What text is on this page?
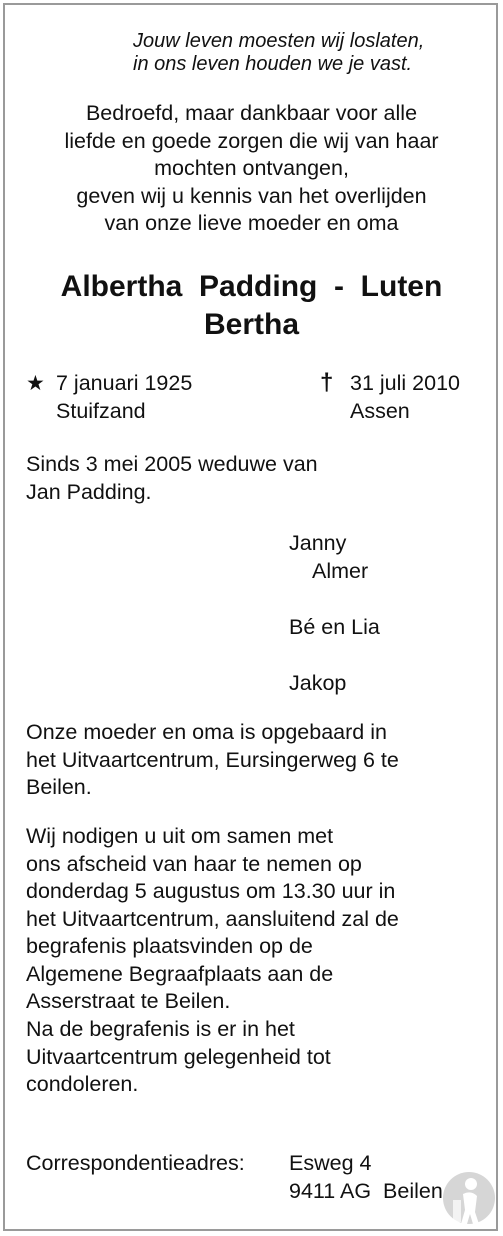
Jouw leven moesten wij loslaten,
in ons leven houden we je vast.
Bedroefd, maar dankbaar voor alle
liefde en goede zorgen die wij van haar
mochten ontvangen,
geven wij u kennis van het overlijden
van onze lieve moeder en oma
Albertha  Padding  -  Luten
Bertha
★ 7 januari 1925
Stuifzand
† 31 juli 2010
Assen
Sinds 3 mei 2005 weduwe van
Jan Padding.
Janny
Almer
Bé en Lia
Jakop
Onze moeder en oma is opgebaard in
het Uitvaartcentrum, Eursingerweg 6 te
Beilen.
Wij nodigen u uit om samen met
ons afscheid van haar te nemen op
donderdag 5 augustus om 13.30 uur in
het Uitvaartcentrum, aansluitend zal de
begrafenis plaatsvinden op de
Algemene Begraafplaats aan de
Asserstraat te Beilen.
Na de begrafenis is er in het
Uitvaartcentrum gelegenheid tot
condoleren.
Correspondentieadres: Esweg 4
9411 AG  Beilen
